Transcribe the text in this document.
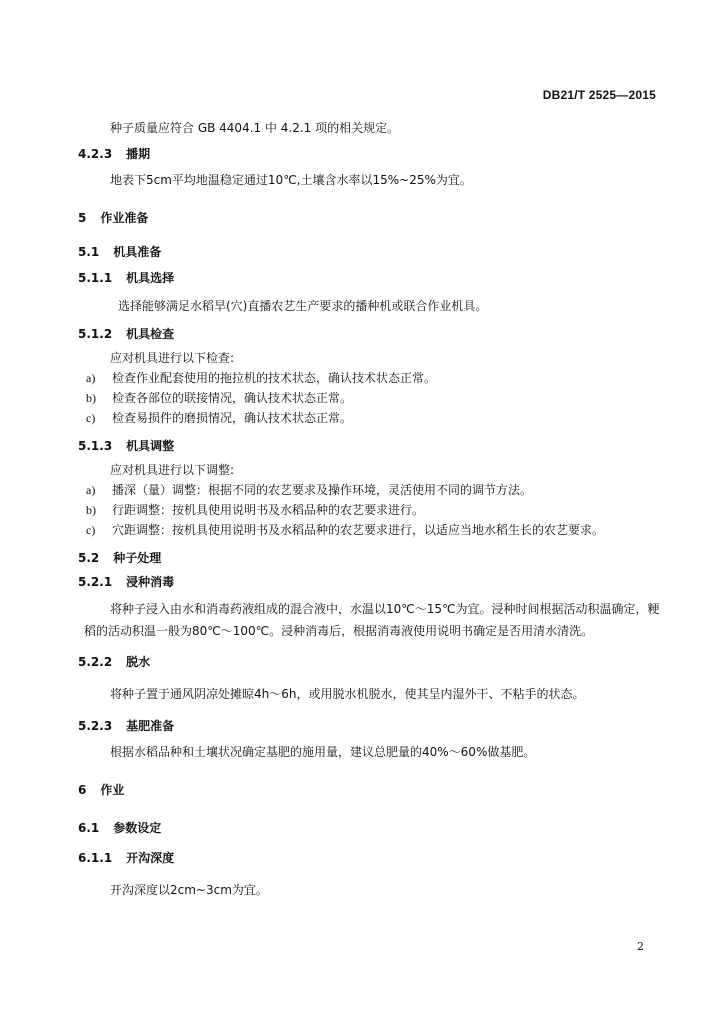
DB21/T 2525—2015
种子质量应符合 GB 4404.1 中 4.2.1 项的相关规定。
4.2.3 播期
地表下5cm平均地温稳定通过10℃,土壤含水率以15%~25%为宜。
5 作业准备
5.1 机具准备
5.1.1 机具选择
选择能够满足水稻旱(穴)直播农艺生产要求的播种机或联合作业机具。
5.1.2 机具检查
应对机具进行以下检查:
a)	检查作业配套使用的拖拉机的技术状态，确认技术状态正常。
b)	检查各部位的联接情况，确认技术状态正常。
c)	检查易损件的磨损情况，确认技术状态正常。
5.1.3 机具调整
应对机具进行以下调整:
a)	播深（量）调整：根据不同的农艺要求及操作环境，灵活使用不同的调节方法。
b)	行距调整：按机具使用说明书及水稻品种的农艺要求进行。
c)	穴距调整：按机具使用说明书及水稻品种的农艺要求进行，以适应当地水稻生长的农艺要求。
5.2 种子处理
5.2.1 浸种消毒
将种子浸入由水和消毒药液组成的混合液中，水温以10℃～15℃为宜。浸种时间根据活动积温确定，粳稻的活动积温一般为80℃～100℃。浸种消毒后，根据消毒液使用说明书确定是否用清水清洗。
5.2.2 脱水
将种子置于通风阴凉处摊晾4h～6h，或用脱水机脱水，使其呈内湿外干、不粘手的状态。
5.2.3 基肥准备
根据水稻品种和土壤状况确定基肥的施用量，建议总肥量的40%～60%做基肥。
6 作业
6.1 参数设定
6.1.1 开沟深度
开沟深度以2cm~3cm为宜。
2
